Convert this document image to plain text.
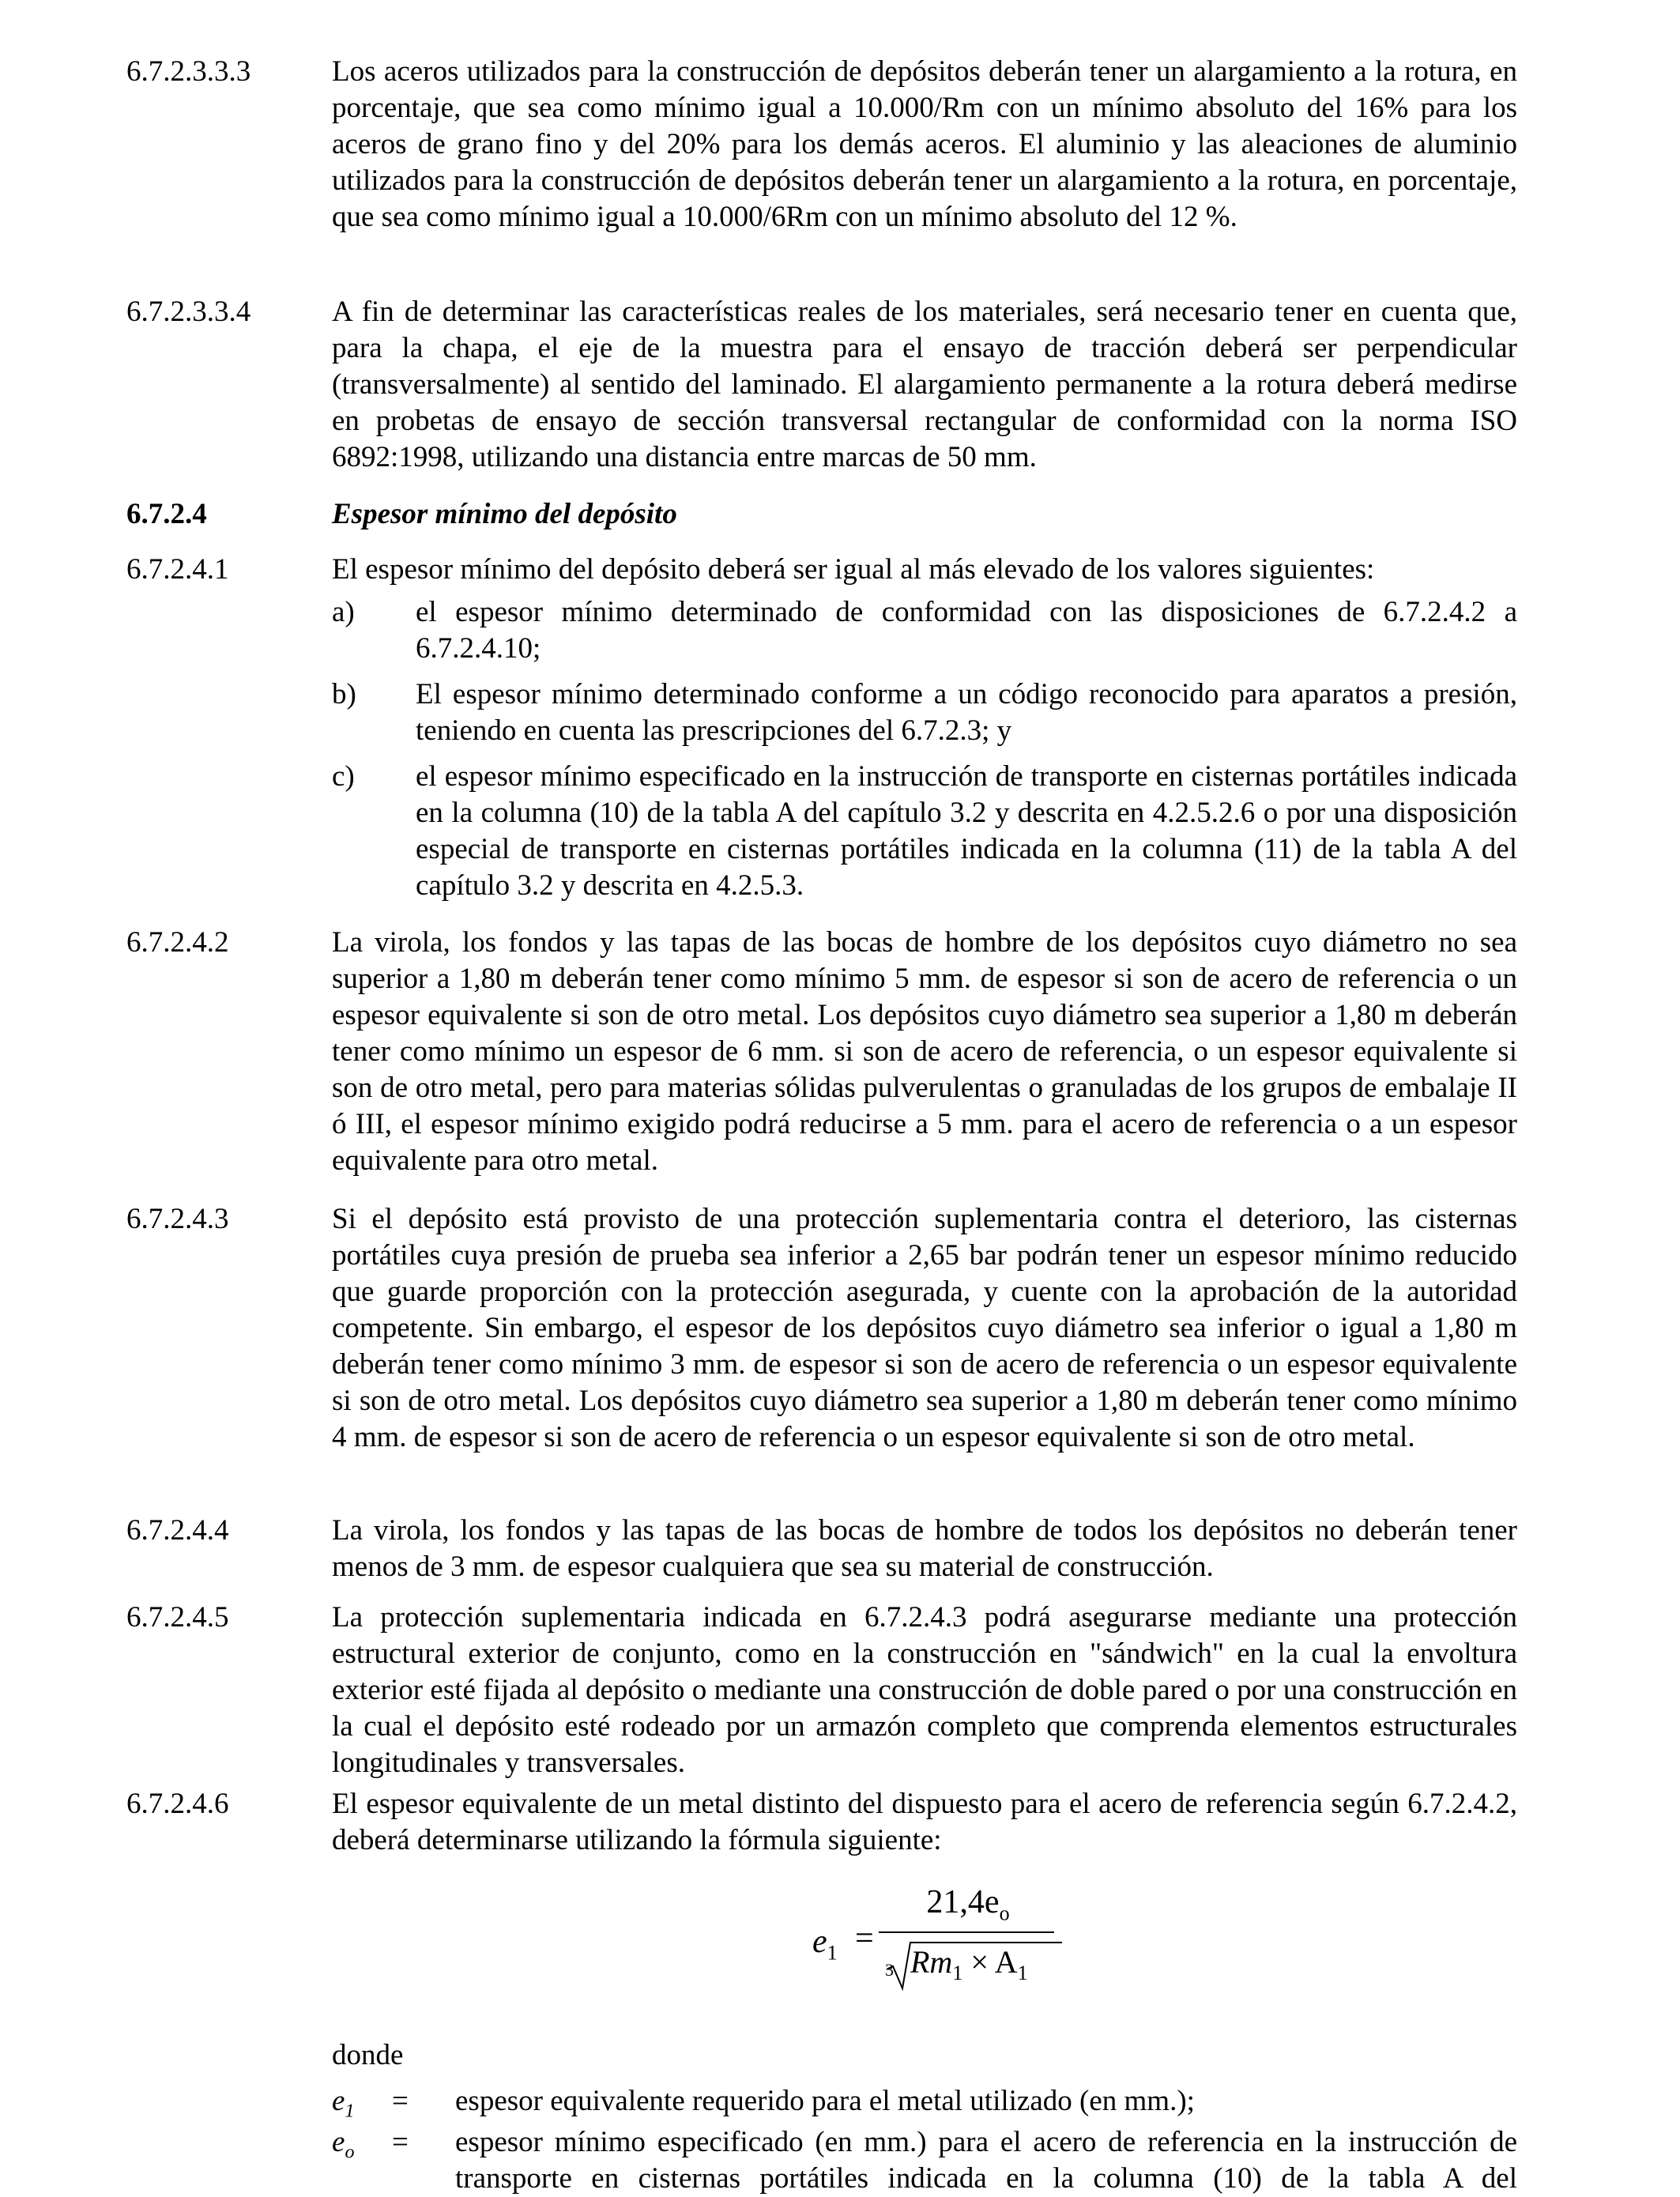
6.7.2.3.3.3	Los aceros utilizados para la construcción de depósitos deberán tener un alargamiento a la rotura, en porcentaje, que sea como mínimo igual a 10.000/Rm con un mínimo absoluto del 16% para los aceros de grano fino y del 20% para los demás aceros. El aluminio y las aleaciones de aluminio utilizados para la construcción de depósitos deberán tener un alargamiento a la rotura, en porcentaje, que sea como mínimo igual a 10.000/6Rm con un mínimo absoluto del 12 %.
6.7.2.3.3.4	A fin de determinar las características reales de los materiales, será necesario tener en cuenta que, para la chapa, el eje de la muestra para el ensayo de tracción deberá ser perpendicular (transversalmente) al sentido del laminado. El alargamiento permanente a la rotura deberá medirse en probetas de ensayo de sección transversal rectangular de conformidad con la norma ISO 6892:1998, utilizando una distancia entre marcas de 50 mm.
6.7.2.4	Espesor mínimo del depósito
6.7.2.4.1	El espesor mínimo del depósito deberá ser igual al más elevado de los valores siguientes:
a) el espesor mínimo determinado de conformidad con las disposiciones de 6.7.2.4.2 a 6.7.2.4.10;
b) El espesor mínimo determinado conforme a un código reconocido para aparatos a presión, teniendo en cuenta las prescripciones del 6.7.2.3; y
c) el espesor mínimo especificado en la instrucción de transporte en cisternas portátiles indicada en la columna (10) de la tabla A del capítulo 3.2 y descrita en 4.2.5.2.6 o por una disposición especial de transporte en cisternas portátiles indicada en la columna (11) de la tabla A del capítulo 3.2 y descrita en 4.2.5.3.
6.7.2.4.2	La virola, los fondos y las tapas de las bocas de hombre de los depósitos cuyo diámetro no sea superior a 1,80 m deberán tener como mínimo 5 mm. de espesor si son de acero de referencia o un espesor equivalente si son de otro metal. Los depósitos cuyo diámetro sea superior a 1,80 m deberán tener como mínimo un espesor de 6 mm. si son de acero de referencia, o un espesor equivalente si son de otro metal, pero para materias sólidas pulverulentas o granuladas de los grupos de embalaje II ó III, el espesor mínimo exigido podrá reducirse a 5 mm. para el acero de referencia o a un espesor equivalente para otro metal.
6.7.2.4.3	Si el depósito está provisto de una protección suplementaria contra el deterioro, las cisternas portátiles cuya presión de prueba sea inferior a 2,65 bar podrán tener un espesor mínimo reducido que guarde proporción con la protección asegurada, y cuente con la aprobación de la autoridad competente. Sin embargo, el espesor de los depósitos cuyo diámetro sea inferior o igual a 1,80 m deberán tener como mínimo 3 mm. de espesor si son de acero de referencia o un espesor equivalente si son de otro metal. Los depósitos cuyo diámetro sea superior a 1,80 m deberán tener como mínimo 4 mm. de espesor si son de acero de referencia o un espesor equivalente si son de otro metal.
6.7.2.4.4	La virola, los fondos y las tapas de las bocas de hombre de todos los depósitos no deberán tener menos de 3 mm. de espesor cualquiera que sea su material de construcción.
6.7.2.4.5	La protección suplementaria indicada en 6.7.2.4.3 podrá asegurarse mediante una protección estructural exterior de conjunto, como en la construcción en "sándwich" en la cual la envoltura exterior esté fijada al depósito o mediante una construcción de doble pared o por una construcción en la cual el depósito esté rodeado por un armazón completo que comprenda elementos estructurales longitudinales y transversales.
6.7.2.4.6	El espesor equivalente de un metal distinto del dispuesto para el acero de referencia según 6.7.2.4.2, deberá determinarse utilizando la fórmula siguiente:
$e_1$ =
$21,4e_o$
3 $Rm_1 \times A_1$
donde
$e_1$ = espesor equivalente requerido para el metal utilizado (en mm.);
$e_o$ = espesor mínimo especificado (en mm.) para el acero de referencia en la instrucción de transporte en cisternas portátiles indicada en la columna (10) de la tabla A del
